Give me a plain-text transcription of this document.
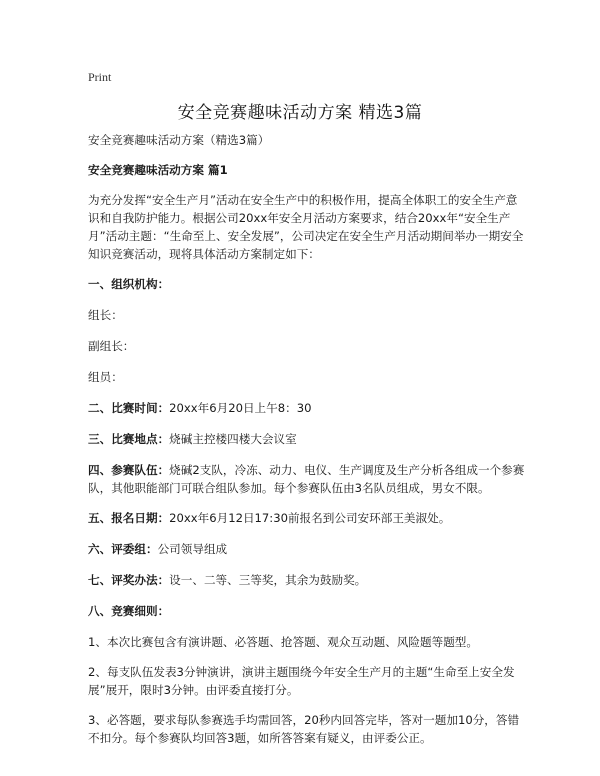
Print
安全竞赛趣味活动方案 精选3篇

安全竞赛趣味活动方案（精选3篇）

安全竞赛趣味活动方案 篇1

为充分发挥“安全生产月”活动在安全生产中的积极作用，提高全体职工的安全生产意识和自我防护能力。根据公司20xx年安全月活动方案要求，结合20xx年“安全生产月”活动主题：“生命至上、安全发展”，公司决定在安全生产月活动期间举办一期安全知识竞赛活动，现将具体活动方案制定如下：

一、组织机构：

组长：

副组长：

组员：

二、比赛时间：20xx年6月20日上午8：30

三、比赛地点：烧碱主控楼四楼大会议室

四、参赛队伍：烧碱2支队，冷冻、动力、电仪、生产调度及生产分析各组成一个参赛队，其他职能部门可联合组队参加。每个参赛队伍由3名队员组成，男女不限。

五、报名日期：20xx年6月12日17:30前报名到公司安环部王美淑处。

六、评委组：公司领导组成

七、评奖办法：设一、二等、三等奖，其余为鼓励奖。

八、竞赛细则：

1、本次比赛包含有演讲题、必答题、抢答题、观众互动题、风险题等题型。

2、每支队伍发表3分钟演讲，演讲主题围绕今年安全生产月的主题“生命至上安全发展”展开，限时3分钟。由评委直接打分。

3、必答题，要求每队参赛选手均需回答，20秒内回答完毕，答对一题加10分，答错不扣分。每个参赛队均回答3题，如所答答案有疑义，由评委公正。
